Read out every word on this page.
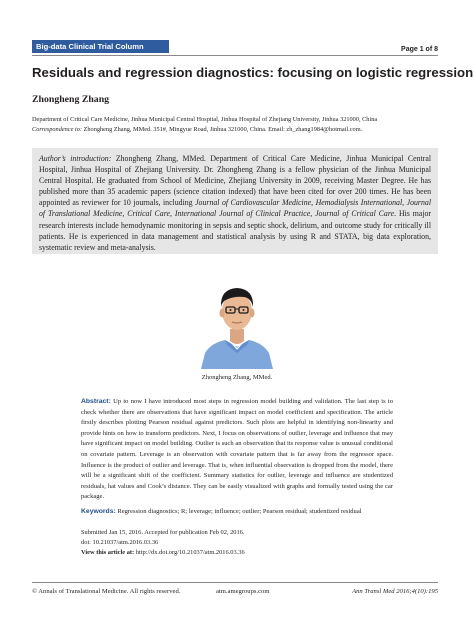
Big-data Clinical Trial Column	Page 1 of 8
Residuals and regression diagnostics: focusing on logistic regression
Zhongheng Zhang

Department of Critical Care Medicine, Jinhua Municipal Central Hospital, Jinhua Hospital of Zhejiang University, Jinhua 321000, China

Correspondence to: Zhongheng Zhang, MMed. 351#, Mingyue Road, Jinhua 321000, China. Email: zh_zhang1984@hotmail.com.

Author’s introduction: Zhongheng Zhang, MMed. Department of Critical Care Medicine, Jinhua Municipal Central Hospital, Jinhua Hospital of Zhejiang University. Dr. Zhongheng Zhang is a fellow physician of the Jinhua Municipal Central Hospital. He graduated from School of Medicine, Zhejiang University in 2009, receiving Master Degree. He has published more than 35 academic papers (science citation indexed) that have been cited for over 200 times. He has been appointed as reviewer for 10 journals, including Journal of Cardiovascular Medicine, Hemodialysis International, Journal of Translational Medicine, Critical Care, International Journal of Clinical Practice, Journal of Critical Care. His major research interests include hemodynamic monitoring in sepsis and septic shock, delirium, and outcome study for critically ill patients. He is experienced in data management and statistical analysis by using R and STATA, big data exploration, systematic review and meta-analysis.

Zhongheng Zhang, MMed.

Abstract: Up to now I have introduced most steps in regression model building and validation. The last step is to check whether there are observations that have significant impact on model coefficient and specification. The article firstly describes plotting Pearson residual against predictors. Such plots are helpful in identifying non-linearity and provide hints on how to transform predictors. Next, I focus on observations of outlier, leverage and influence that may have significant impact on model building. Outlier is such an observation that its response value is unusual conditional on covariate pattern. Leverage is an observation with covariate pattern that is far away from the regressor space. Influence is the product of outlier and leverage. That is, when influential observation is dropped from the model, there will be a significant shift of the coefficient. Summary statistics for outlier, leverage and influence are studentized residuals, hat values and Cook’s distance. They can be easily visualized with graphs and formally tested using the car package.

Keywords: Regression diagnostics; R; leverage; influence; outlier; Pearson residual; studentized residual

Submitted Jan 15, 2016. Accepted for publication Feb 02, 2016.

doi: 10.21037/atm.2016.03.36

View this article at: http://dx.doi.org/10.21037/atm.2016.03.36

© Annals of Translational Medicine. All rights reserved.	atm.amegroups.com	Ann Transl Med 2016;4(10):195
